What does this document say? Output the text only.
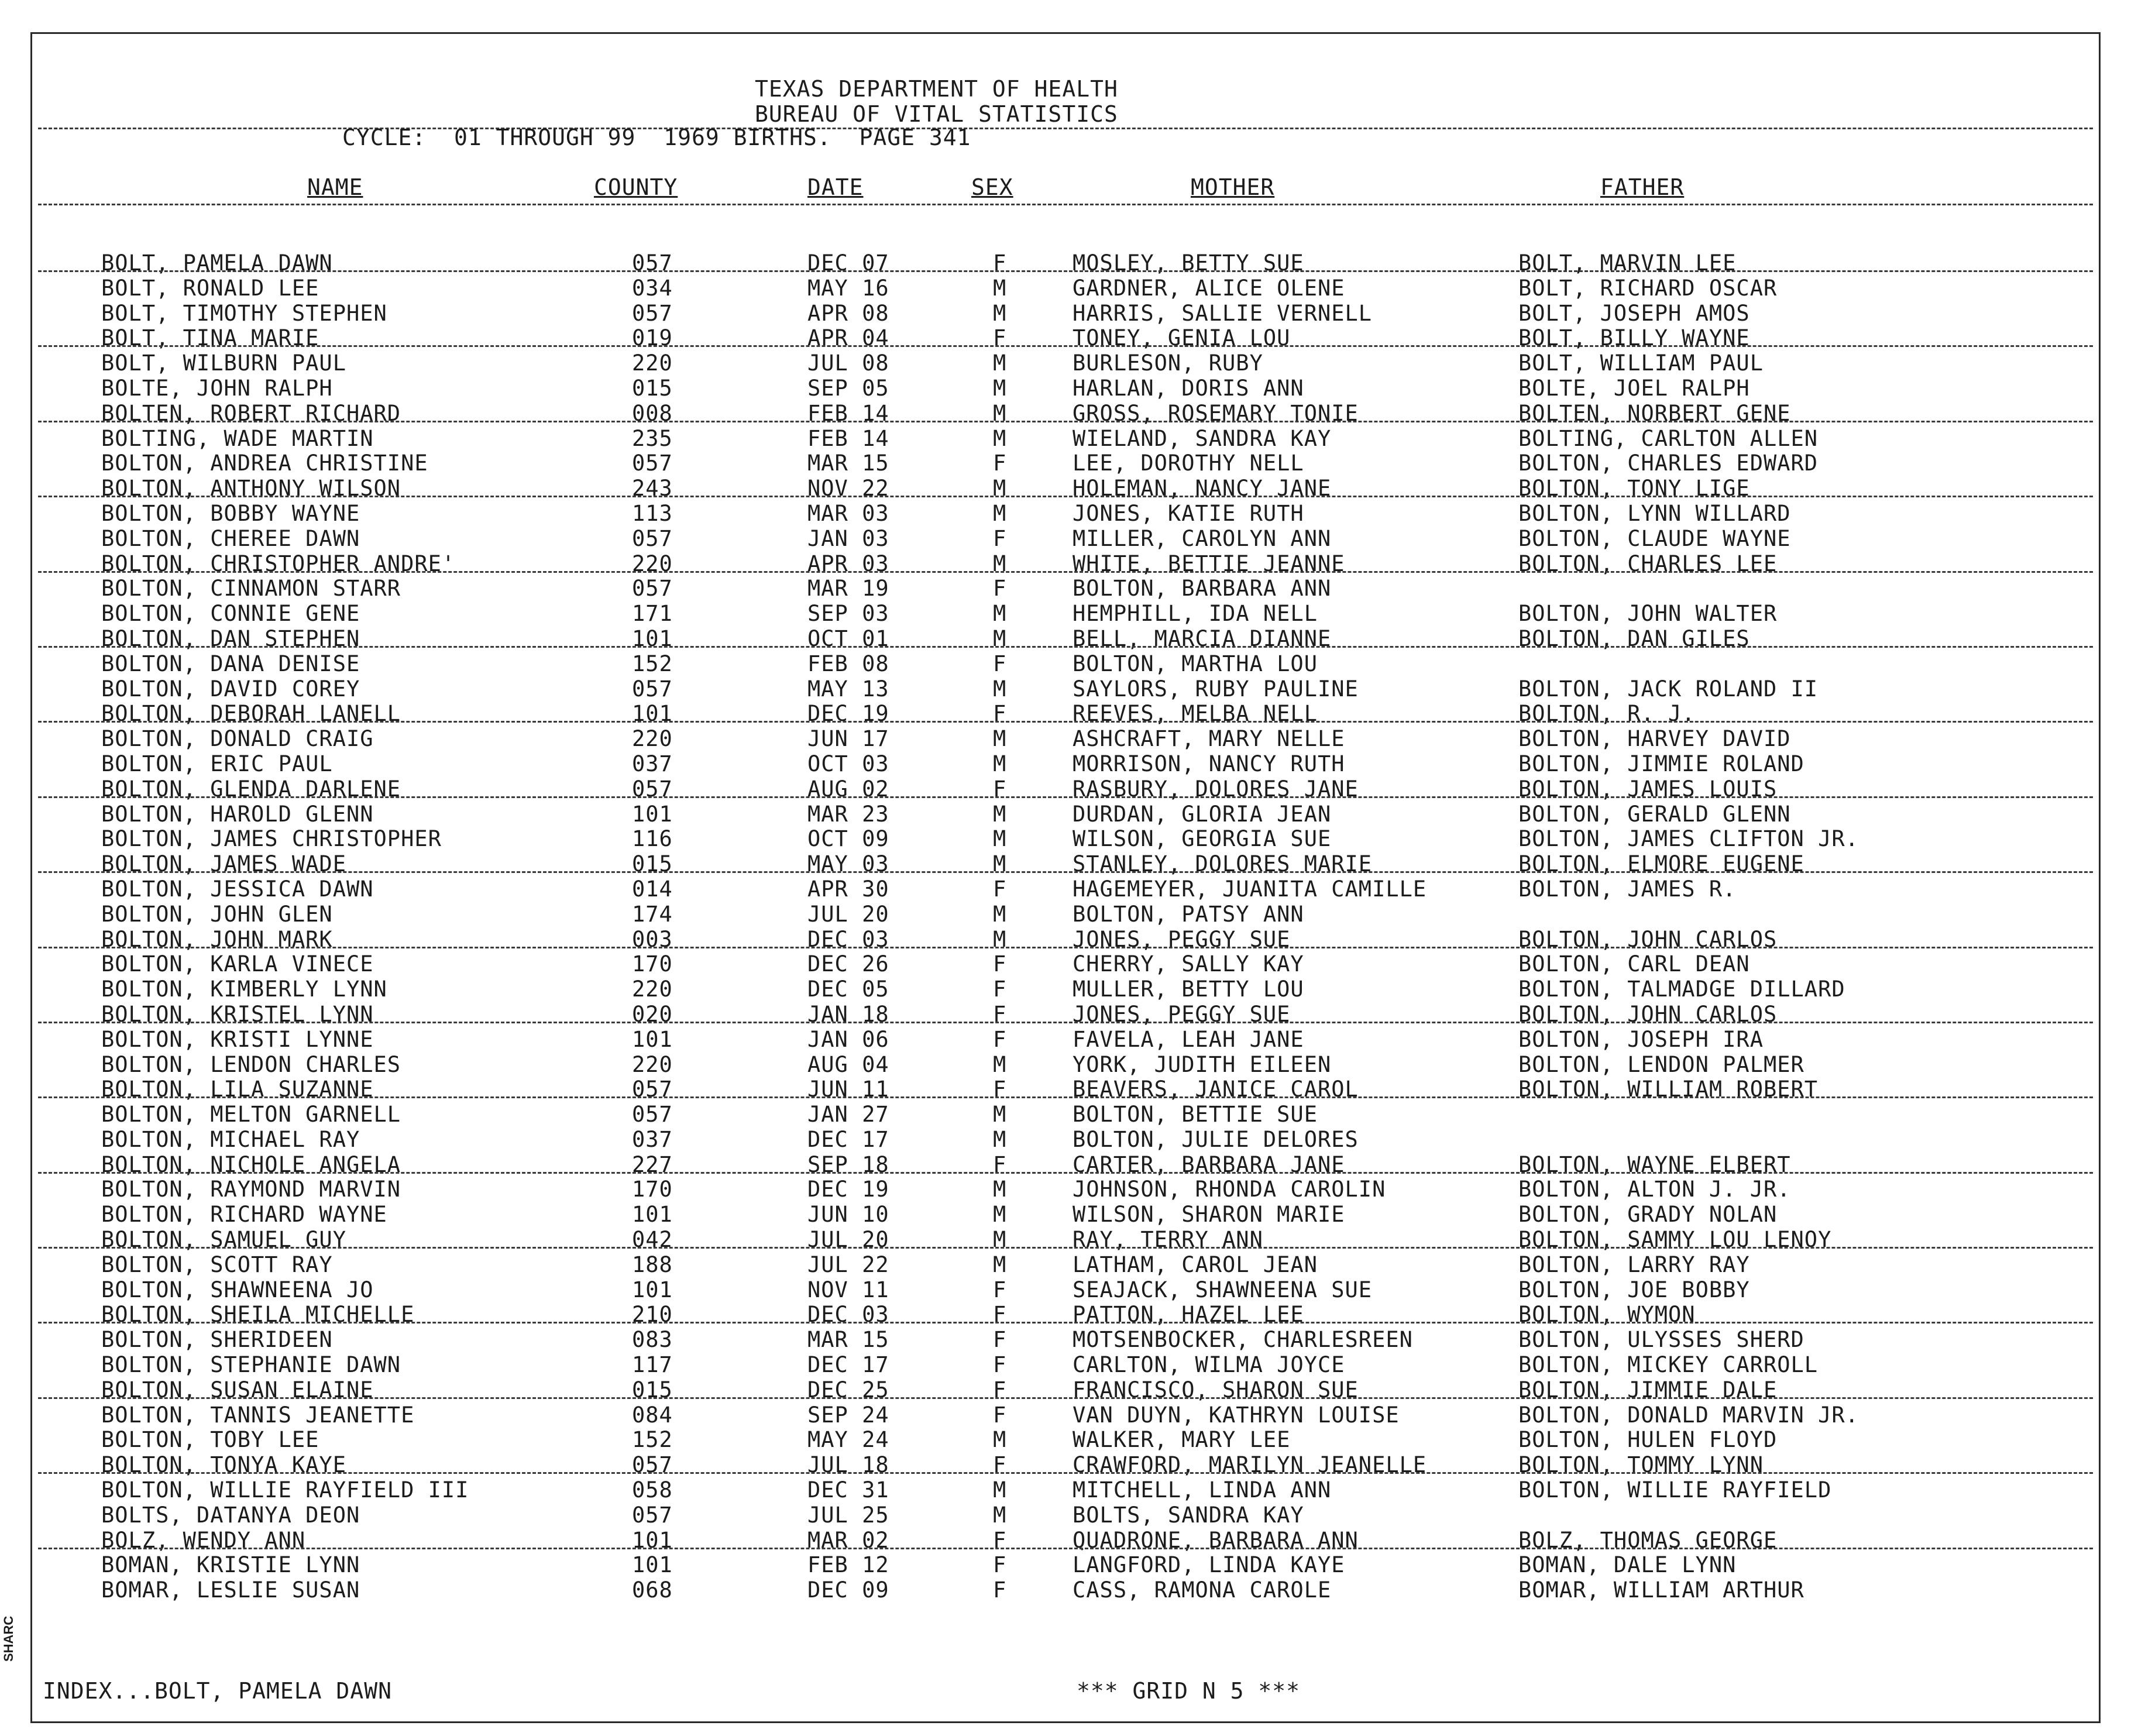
TEXAS DEPARTMENT OF HEALTH
BUREAU OF VITAL STATISTICS
CYCLE:  01 THROUGH 99  1969 BIRTHS.  PAGE 341
NAME	COUNTY	DATE	SEX	MOTHER	FATHER
BOLT, PAMELA DAWN	057	DEC 07	F	MOSLEY, BETTY SUE	BOLT, MARVIN LEE
BOLT, RONALD LEE	034	MAY 16	M	GARDNER, ALICE OLENE	BOLT, RICHARD OSCAR
BOLT, TIMOTHY STEPHEN	057	APR 08	M	HARRIS, SALLIE VERNELL	BOLT, JOSEPH AMOS
BOLT, TINA MARIE	019	APR 04	F	TONEY, GENIA LOU	BOLT, BILLY WAYNE
BOLT, WILBURN PAUL	220	JUL 08	M	BURLESON, RUBY	BOLT, WILLIAM PAUL
BOLTE, JOHN RALPH	015	SEP 05	M	HARLAN, DORIS ANN	BOLTE, JOEL RALPH
BOLTEN, ROBERT RICHARD	008	FEB 14	M	GROSS, ROSEMARY TONIE	BOLTEN, NORBERT GENE
BOLTING, WADE MARTIN	235	FEB 14	M	WIELAND, SANDRA KAY	BOLTING, CARLTON ALLEN
BOLTON, ANDREA CHRISTINE	057	MAR 15	F	LEE, DOROTHY NELL	BOLTON, CHARLES EDWARD
BOLTON, ANTHONY WILSON	243	NOV 22	M	HOLEMAN, NANCY JANE	BOLTON, TONY LIGE
BOLTON, BOBBY WAYNE	113	MAR 03	M	JONES, KATIE RUTH	BOLTON, LYNN WILLARD
BOLTON, CHEREE DAWN	057	JAN 03	F	MILLER, CAROLYN ANN	BOLTON, CLAUDE WAYNE
BOLTON, CHRISTOPHER ANDRE'	220	APR 03	M	WHITE, BETTIE JEANNE	BOLTON, CHARLES LEE
BOLTON, CINNAMON STARR	057	MAR 19	F	BOLTON, BARBARA ANN
BOLTON, CONNIE GENE	171	SEP 03	M	HEMPHILL, IDA NELL	BOLTON, JOHN WALTER
BOLTON, DAN STEPHEN	101	OCT 01	M	BELL, MARCIA DIANNE	BOLTON, DAN GILES
BOLTON, DANA DENISE	152	FEB 08	F	BOLTON, MARTHA LOU
BOLTON, DAVID COREY	057	MAY 13	M	SAYLORS, RUBY PAULINE	BOLTON, JACK ROLAND II
BOLTON, DEBORAH LANELL	101	DEC 19	F	REEVES, MELBA NELL	BOLTON, R. J.
BOLTON, DONALD CRAIG	220	JUN 17	M	ASHCRAFT, MARY NELLE	BOLTON, HARVEY DAVID
BOLTON, ERIC PAUL	037	OCT 03	M	MORRISON, NANCY RUTH	BOLTON, JIMMIE ROLAND
BOLTON, GLENDA DARLENE	057	AUG 02	F	RASBURY, DOLORES JANE	BOLTON, JAMES LOUIS
BOLTON, HAROLD GLENN	101	MAR 23	M	DURDAN, GLORIA JEAN	BOLTON, GERALD GLENN
BOLTON, JAMES CHRISTOPHER	116	OCT 09	M	WILSON, GEORGIA SUE	BOLTON, JAMES CLIFTON JR.
BOLTON, JAMES WADE	015	MAY 03	M	STANLEY, DOLORES MARIE	BOLTON, ELMORE EUGENE
BOLTON, JESSICA DAWN	014	APR 30	F	HAGEMEYER, JUANITA CAMILLE	BOLTON, JAMES R.
BOLTON, JOHN GLEN	174	JUL 20	M	BOLTON, PATSY ANN
BOLTON, JOHN MARK	003	DEC 03	M	JONES, PEGGY SUE	BOLTON, JOHN CARLOS
BOLTON, KARLA VINECE	170	DEC 26	F	CHERRY, SALLY KAY	BOLTON, CARL DEAN
BOLTON, KIMBERLY LYNN	220	DEC 05	F	MULLER, BETTY LOU	BOLTON, TALMADGE DILLARD
BOLTON, KRISTEL LYNN	020	JAN 18	F	JONES, PEGGY SUE	BOLTON, JOHN CARLOS
BOLTON, KRISTI LYNNE	101	JAN 06	F	FAVELA, LEAH JANE	BOLTON, JOSEPH IRA
BOLTON, LENDON CHARLES	220	AUG 04	M	YORK, JUDITH EILEEN	BOLTON, LENDON PALMER
BOLTON, LILA SUZANNE	057	JUN 11	F	BEAVERS, JANICE CAROL	BOLTON, WILLIAM ROBERT
BOLTON, MELTON GARNELL	057	JAN 27	M	BOLTON, BETTIE SUE
BOLTON, MICHAEL RAY	037	DEC 17	M	BOLTON, JULIE DELORES
BOLTON, NICHOLE ANGELA	227	SEP 18	F	CARTER, BARBARA JANE	BOLTON, WAYNE ELBERT
BOLTON, RAYMOND MARVIN	170	DEC 19	M	JOHNSON, RHONDA CAROLIN	BOLTON, ALTON J. JR.
BOLTON, RICHARD WAYNE	101	JUN 10	M	WILSON, SHARON MARIE	BOLTON, GRADY NOLAN
BOLTON, SAMUEL GUY	042	JUL 20	M	RAY, TERRY ANN	BOLTON, SAMMY LOU LENOY
BOLTON, SCOTT RAY	188	JUL 22	M	LATHAM, CAROL JEAN	BOLTON, LARRY RAY
BOLTON, SHAWNEENA JO	101	NOV 11	F	SEAJACK, SHAWNEENA SUE	BOLTON, JOE BOBBY
BOLTON, SHEILA MICHELLE	210	DEC 03	F	PATTON, HAZEL LEE	BOLTON, WYMON
BOLTON, SHERIDEEN	083	MAR 15	F	MOTSENBOCKER, CHARLESREEN	BOLTON, ULYSSES SHERD
BOLTON, STEPHANIE DAWN	117	DEC 17	F	CARLTON, WILMA JOYCE	BOLTON, MICKEY CARROLL
BOLTON, SUSAN ELAINE	015	DEC 25	F	FRANCISCO, SHARON SUE	BOLTON, JIMMIE DALE
BOLTON, TANNIS JEANETTE	084	SEP 24	F	VAN DUYN, KATHRYN LOUISE	BOLTON, DONALD MARVIN JR.
BOLTON, TOBY LEE	152	MAY 24	M	WALKER, MARY LEE	BOLTON, HULEN FLOYD
BOLTON, TONYA KAYE	057	JUL 18	F	CRAWFORD, MARILYN JEANELLE	BOLTON, TOMMY LYNN
BOLTON, WILLIE RAYFIELD III	058	DEC 31	M	MITCHELL, LINDA ANN	BOLTON, WILLIE RAYFIELD
BOLTS, DATANYA DEON	057	JUL 25	M	BOLTS, SANDRA KAY
BOLZ, WENDY ANN	101	MAR 02	F	QUADRONE, BARBARA ANN	BOLZ, THOMAS GEORGE
BOMAN, KRISTIE LYNN	101	FEB 12	F	LANGFORD, LINDA KAYE	BOMAN, DALE LYNN
BOMAR, LESLIE SUSAN	068	DEC 09	F	CASS, RAMONA CAROLE	BOMAR, WILLIAM ARTHUR
INDEX...BOLT, PAMELA DAWN	*** GRID N 5 ***
SHARC
